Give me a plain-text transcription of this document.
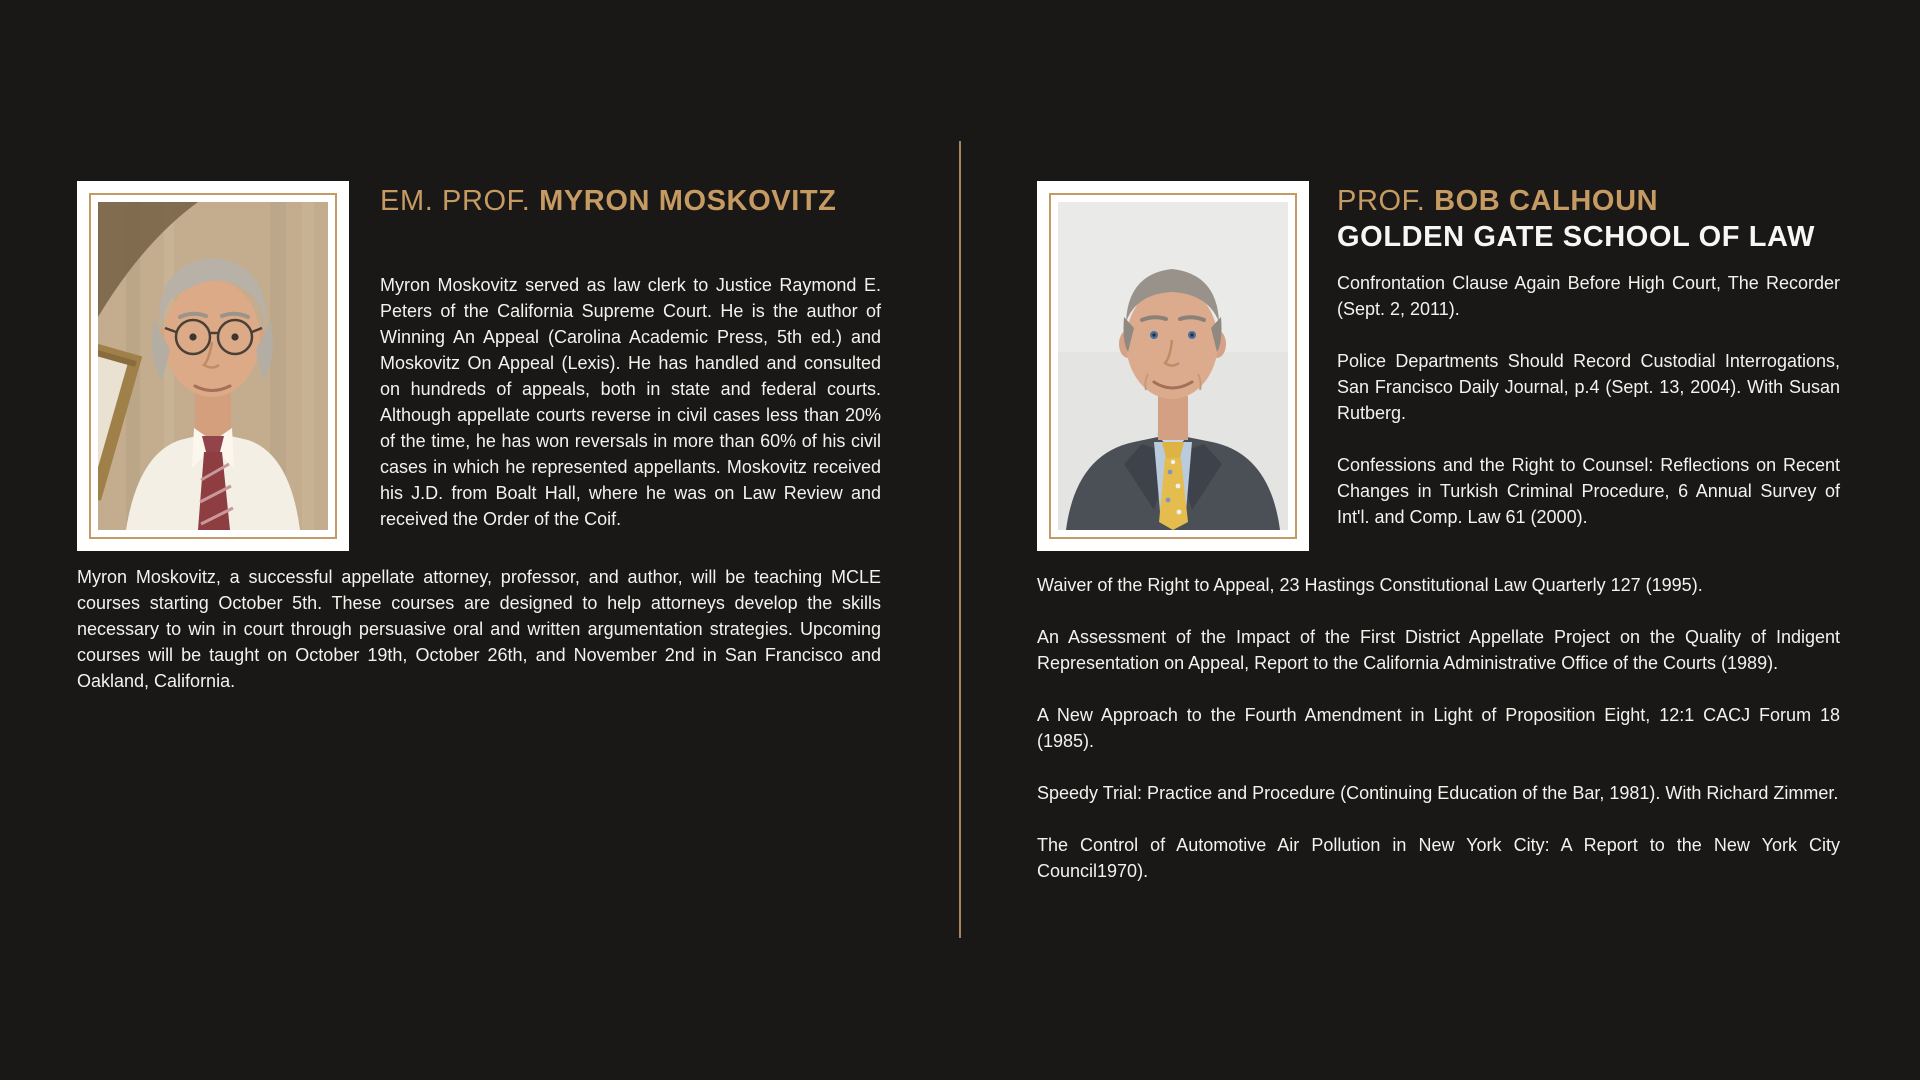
EM. PROF. MYRON MOSKOVITZ

Myron Moskovitz served as law clerk to Justice Raymond E. Peters of the California Supreme Court. He is the author of Winning An Appeal (Carolina Academic Press, 5th ed.) and Moskovitz On Appeal (Lexis). He has handled and consulted on hundreds of appeals, both in state and federal courts. Although appellate courts reverse in civil cases less than 20% of the time, he has won reversals in more than 60% of his civil cases in which he represented appellants. Moskovitz received his J.D. from Boalt Hall, where he was on Law Review and received the Order of the Coif.

Myron Moskovitz, a successful appellate attorney, professor, and author, will be teaching MCLE courses starting October 5th. These courses are designed to help attorneys develop the skills necessary to win in court through persuasive oral and written argumentation strategies. Upcoming courses will be taught on October 19th, October 26th, and November 2nd in San Francisco and Oakland, California.

PROF. BOB CALHOUN
GOLDEN GATE SCHOOL OF LAW

Confrontation Clause Again Before High Court, The Recorder (Sept. 2, 2011).

Police Departments Should Record Custodial Interrogations, San Francisco Daily Journal, p.4 (Sept. 13, 2004). With Susan Rutberg.

Confessions and the Right to Counsel: Reflections on Recent Changes in Turkish Criminal Procedure, 6 Annual Survey of Int'l. and Comp. Law 61 (2000).

Waiver of the Right to Appeal, 23 Hastings Constitutional Law Quarterly 127 (1995).

An Assessment of the Impact of the First District Appellate Project on the Quality of Indigent Representation on Appeal, Report to the California Administrative Office of the Courts (1989).

A New Approach to the Fourth Amendment in Light of Proposition Eight, 12:1 CACJ Forum 18 (1985).

Speedy Trial: Practice and Procedure (Continuing Education of the Bar, 1981). With Richard Zimmer.

The Control of Automotive Air Pollution in New York City: A Report to the New York City Council1970).
